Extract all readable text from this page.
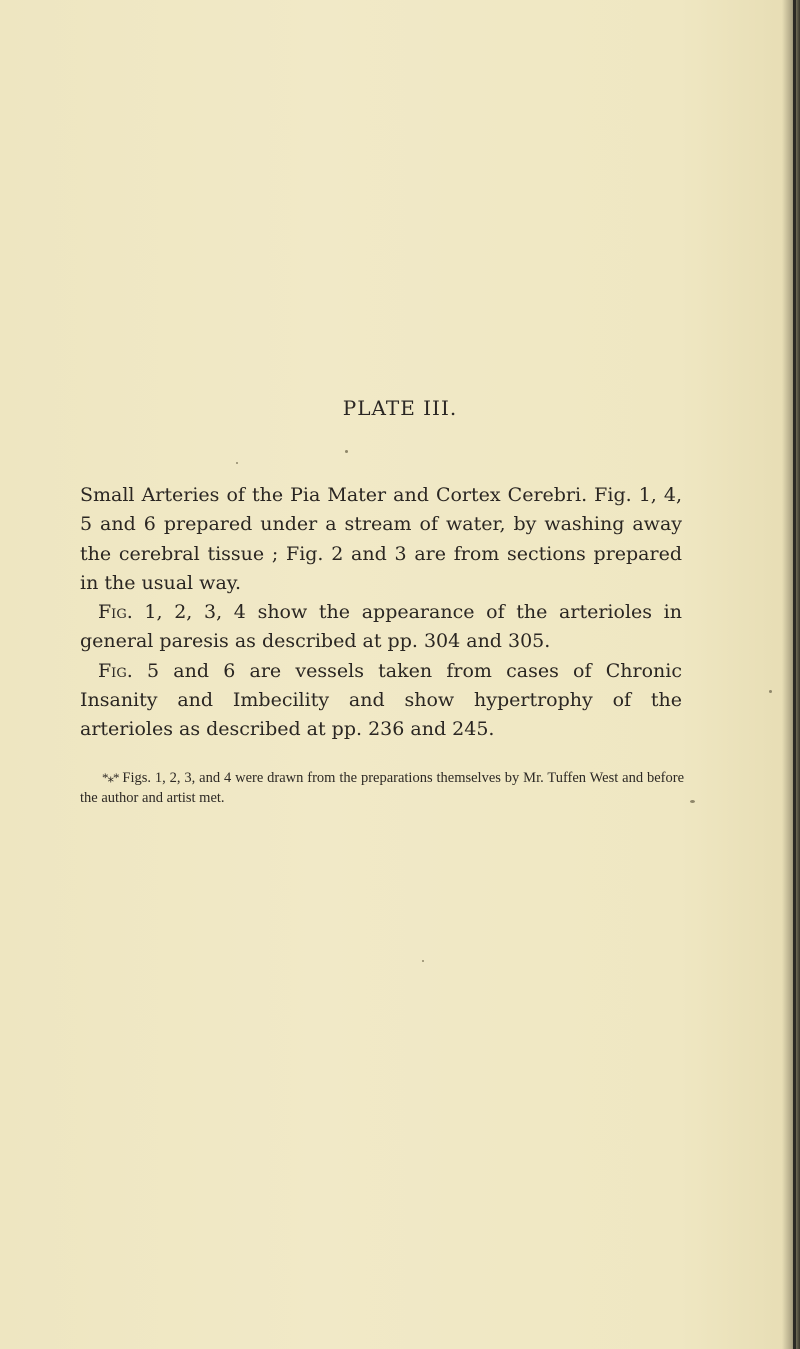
PLATE III.

Small Arteries of the Pia Mater and Cortex Cerebri. Fig. 1, 4, 5 and 6 prepared under a stream of water, by washing away the cerebral tissue ; Fig. 2 and 3 are from sections prepared in the usual way.

Fig. 1, 2, 3, 4 show the appearance of the arterioles in general paresis as described at pp. 304 and 305.

Fig. 5 and 6 are vessels taken from cases of Chronic Insanity and Imbecility and show hypertrophy of the arterioles as described at pp. 236 and 245.

*⁎* Figs. 1, 2, 3, and 4 were drawn from the preparations themselves by Mr. Tuffen West and before the author and artist met.
